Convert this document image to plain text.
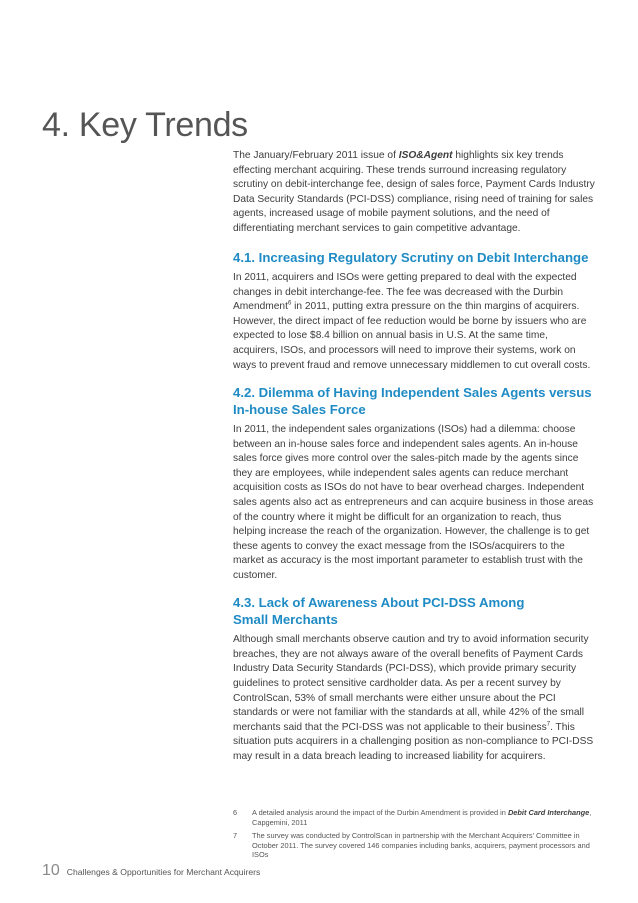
4. Key Trends

The January/February 2011 issue of ISO&Agent highlights six key trends effecting merchant acquiring. These trends surround increasing regulatory scrutiny on debit-interchange fee, design of sales force, Payment Cards Industry Data Security Standards (PCI-DSS) compliance, rising need of training for sales agents, increased usage of mobile payment solutions, and the need of differentiating merchant services to gain competitive advantage.

4.1. Increasing Regulatory Scrutiny on Debit Interchange

In 2011, acquirers and ISOs were getting prepared to deal with the expected changes in debit interchange-fee. The fee was decreased with the Durbin Amendment$^6$ in 2011, putting extra pressure on the thin margins of acquirers. However, the direct impact of fee reduction would be borne by issuers who are expected to lose $8.4 billion on annual basis in U.S. At the same time, acquirers, ISOs, and processors will need to improve their systems, work on ways to prevent fraud and remove unnecessary middlemen to cut overall costs.

4.2. Dilemma of Having Independent Sales Agents versus
In-house Sales Force

In 2011, the independent sales organizations (ISOs) had a dilemma: choose between an in-house sales force and independent sales agents. An in-house sales force gives more control over the sales-pitch made by the agents since they are employees, while independent sales agents can reduce merchant acquisition costs as ISOs do not have to bear overhead charges. Independent sales agents also act as entrepreneurs and can acquire business in those areas of the country where it might be difficult for an organization to reach, thus helping increase the reach of the organization. However, the challenge is to get these agents to convey the exact message from the ISOs/acquirers to the market as accuracy is the most important parameter to establish trust with the customer.

4.3. Lack of Awareness About PCI-DSS Among
Small Merchants

Although small merchants observe caution and try to avoid information security breaches, they are not always aware of the overall benefits of Payment Cards Industry Data Security Standards (PCI-DSS), which provide primary security guidelines to protect sensitive cardholder data. As per a recent survey by ControlScan, 53% of small merchants were either unsure about the PCI standards or were not familiar with the standards at all, while 42% of the small merchants said that the PCI-DSS was not applicable to their business$^7$. This situation puts acquirers in a challenging position as non-compliance to PCI-DSS may result in a data breach leading to increased liability for acquirers.

6	A detailed analysis around the impact of the Durbin Amendment is provided in Debit Card Interchange, Capgemini, 2011
7	The survey was conducted by ControlScan in partnership with the Merchant Acquirers' Committee in October 2011. The survey covered 146 companies including banks, acquirers, payment processors and ISOs
10 Challenges & Opportunities for Merchant Acquirers
